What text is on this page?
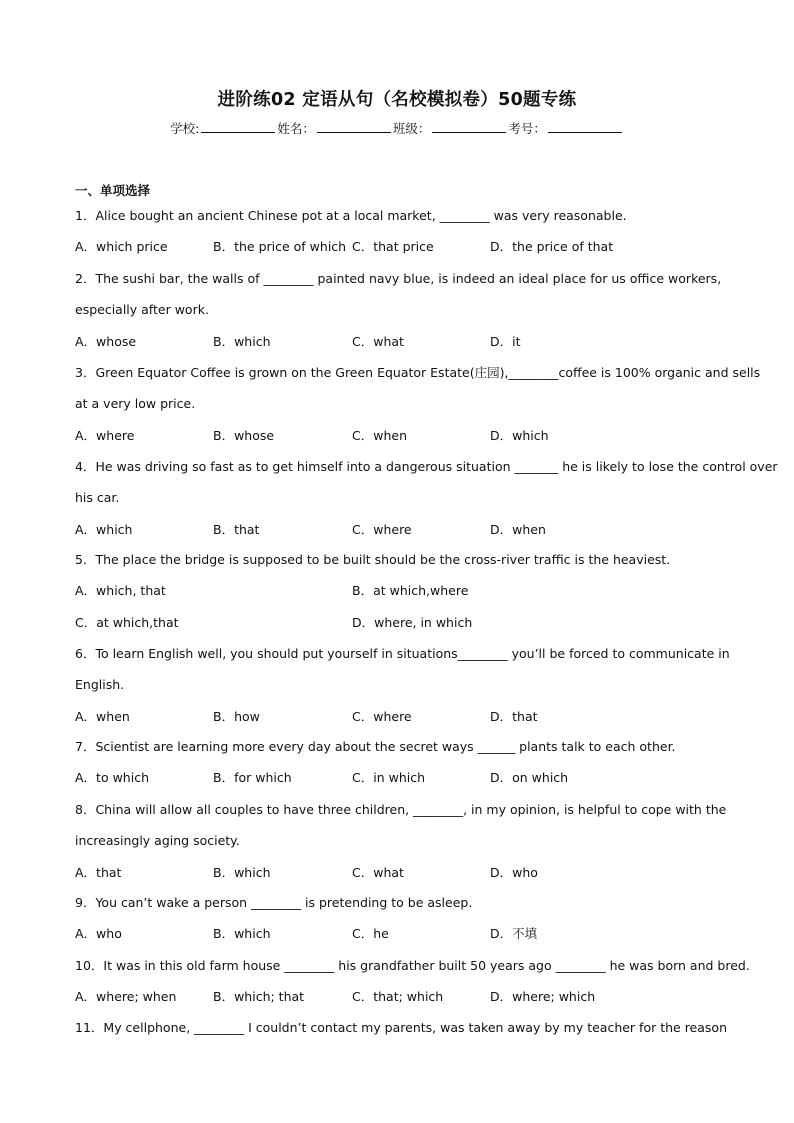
进阶练02 定语从句（名校模拟卷）50题专练
学校:	姓名：	班级：	考号：
一、单项选择
1．Alice bought an ancient Chinese pot at a local market, ________ was very reasonable.
A．which price	B．the price of which C．that price	D．the price of that
2．The sushi bar, the walls of ________ painted navy blue, is indeed an ideal place for us office workers,
especially after work.
A．whose	B．which	C．what	D．it
3．Green Equator Coffee is grown on the Green Equator Estate(庄园),________coffee is 100% organic and sells
at a very low price.
A．where	B．whose	C．when	D．which
4．He was driving so fast as to get himself into a dangerous situation _______ he is likely to lose the control over
his car.
A．which	B．that	C．where	D．when
5．The place the bridge is supposed to be built should be the cross-river traffic is the heaviest.
A．which, that	B．at which,where
C．at which,that	D．where, in which
6．To learn English well, you should put yourself in situations________ you’ll be forced to communicate in
English.
A．when	B．how	C．where	D．that
7．Scientist are learning more every day about the secret ways ______ plants talk to each other.
A．to which	B．for which	C．in which	D．on which
8．China will allow all couples to have three children, ________, in my opinion, is helpful to cope with the
increasingly aging society.
A．that	B．which	C．what	D．who
9．You can’t wake a person ________ is pretending to be asleep.
A．who	B．which	C．he	D．不填
10．It was in this old farm house ________ his grandfather built 50 years ago ________ he was born and bred.
A．where; when	B．which; that	C．that; which	D．where; which
11．My cellphone, ________ I couldn’t contact my parents, was taken away by my teacher for the reason
